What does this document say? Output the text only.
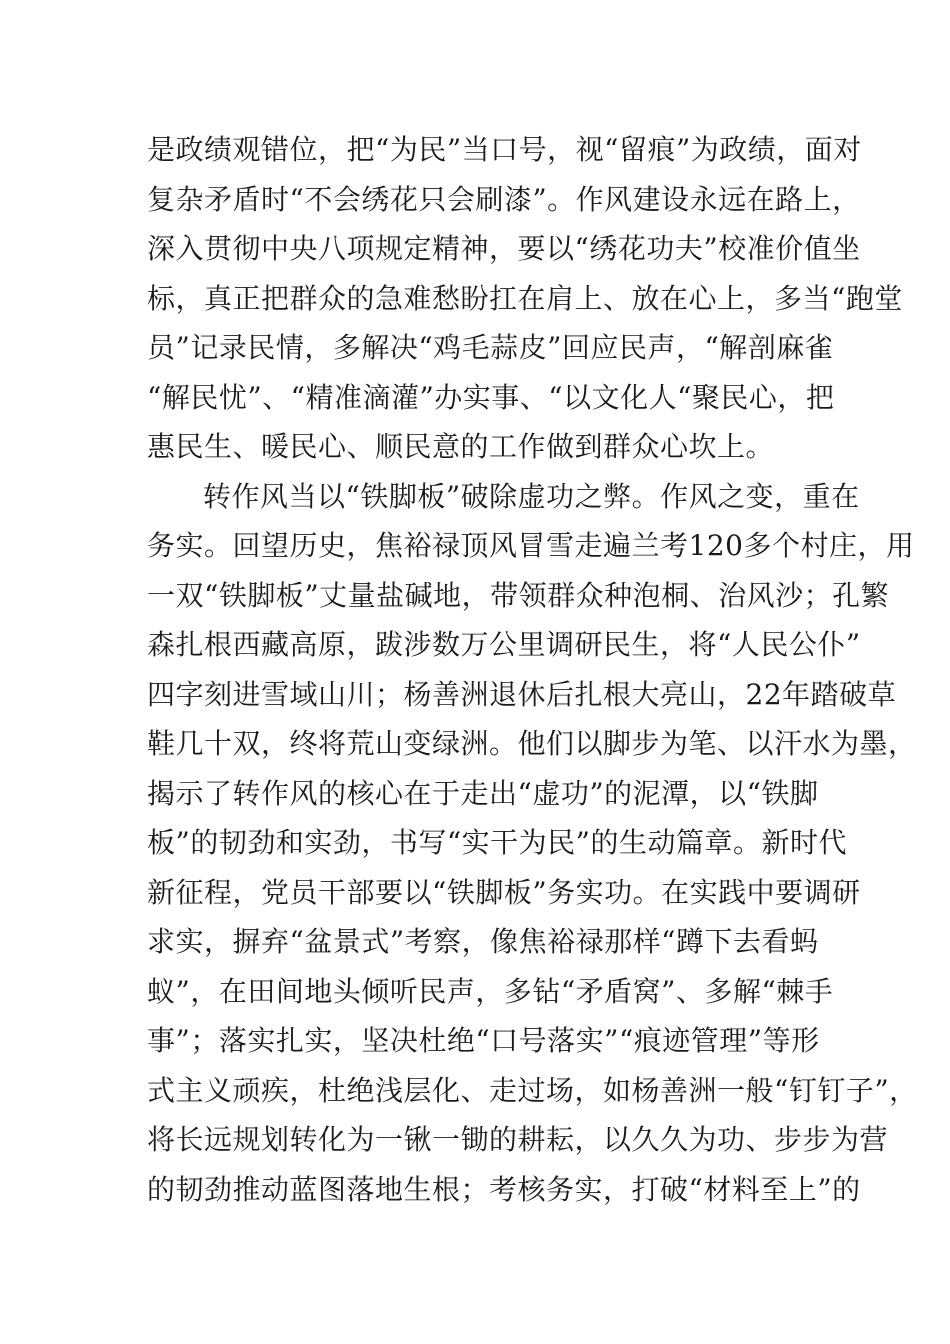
是政绩观错位，把“为民”当口号，视“留痕”为政绩，面对
复杂矛盾时“不会绣花只会刷漆”。作风建设永远在路上，
深入贯彻中央八项规定精神，要以“绣花功夫”校准价值坐
标，真正把群众的急难愁盼扛在肩上、放在心上，多当“跑堂
员”记录民情，多解决“鸡毛蒜皮”回应民声，“解剖麻雀
“解民忧”、“精准滴灌”办实事、“以文化人“聚民心，把
惠民生、暖民心、顺民意的工作做到群众心坎上。
转作风当以“铁脚板”破除虚功之弊。作风之变，重在
务实。回望历史，焦裕禄顶风冒雪走遍兰考120多个村庄，用
一双“铁脚板”丈量盐碱地，带领群众种泡桐、治风沙；孔繁
森扎根西藏高原，跋涉数万公里调研民生，将“人民公仆”
四字刻进雪域山川；杨善洲退休后扎根大亮山，22年踏破草
鞋几十双，终将荒山变绿洲。他们以脚步为笔、以汗水为墨，
揭示了转作风的核心在于走出“虚功”的泥潭，以“铁脚
板”的韧劲和实劲，书写“实干为民”的生动篇章。新时代
新征程，党员干部要以“铁脚板”务实功。在实践中要调研
求实，摒弃“盆景式”考察，像焦裕禄那样“蹲下去看蚂
蚁”，在田间地头倾听民声，多钻“矛盾窝”、多解“棘手
事”；落实扎实，坚决杜绝“口号落实”“痕迹管理”等形
式主义顽疾，杜绝浅层化、走过场，如杨善洲一般“钉钉子”，
将长远规划转化为一锹一锄的耕耘，以久久为功、步步为营
的韧劲推动蓝图落地生根；考核务实，打破“材料至上”的
